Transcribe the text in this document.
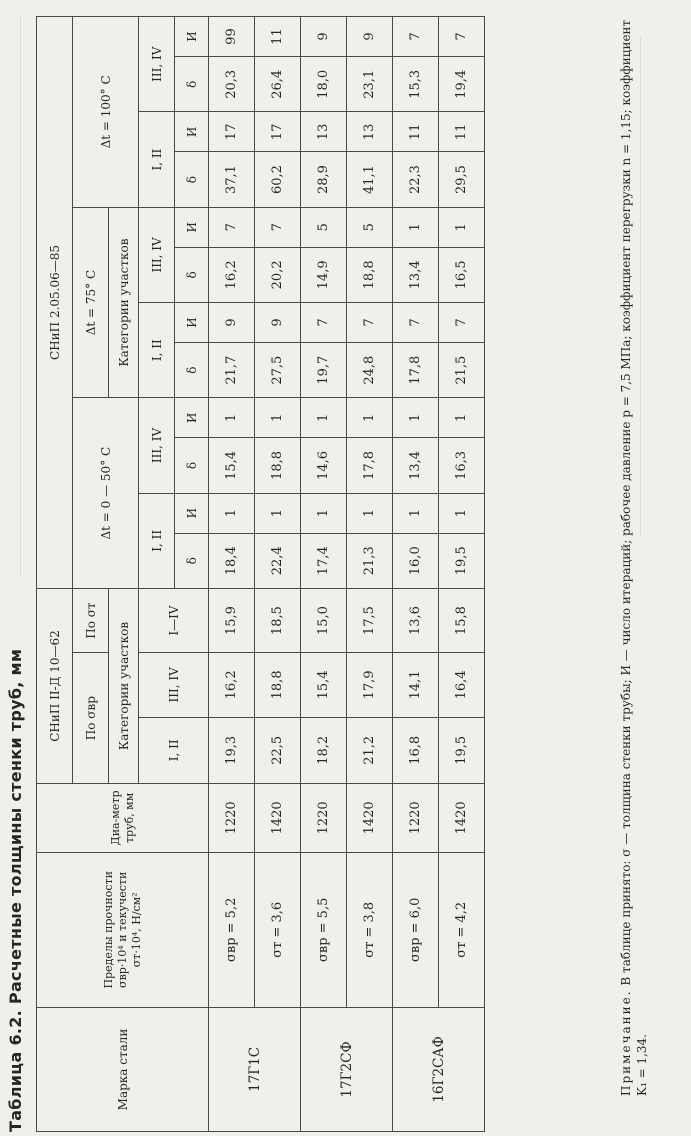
Таблица 6.2. Расчетные толщины стенки труб, мм	Марка стали	Пределы прочности σвр·10⁴ и текучести σт·10⁴, Н/см²	Диа-метр труб, мм	СНиП II-Д 10—62			СНиП 2.05.06—85											
			По σвр		По σт	Δt = 0 — 50° С				Δt = 75° С				Δt = 100° С			
			Категории участков							Категории участков							
			I, II	III, IV	I—IV	I, II		III, IV		I, II		III, IV		I, II		III, IV	
						δ	И	δ	И	δ	И	δ	И	δ	И	δ	И
17Г1С	σвр = 5,2	1220	19,3	16,2	15,9	18,4	1	15,4	1	21,7	9	16,2	7	37,1	17	20,3	99
	σт = 3,6	1420	22,5	18,8	18,5	22,4	1	18,8	1	27,5	9	20,2	7	60,2	17	26,4	11
17Г2СФ	σвр = 5,5	1220	18,2	15,4	15,0	17,4	1	14,6	1	19,7	7	14,9	5	28,9	13	18,0	9
	σт = 3,8	1420	21,2	17,9	17,5	21,3	1	17,8	1	24,8	7	18,8	5	41,1	13	23,1	9
16Г2САФ	σвр = 6,0	1220	16,8	14,1	13,6	16,0	1	13,4	1	17,8	7	13,4	1	22,3	11	15,3	7
	σт = 4,2	1420	19,5	16,4	15,8	19,5	1	16,3	1	21,5	7	16,5	1	29,5	11	19,4	7
Примечание. В таблице принято: σ — толщина стенки трубы; И — число итераций; рабочее давление p = 7,5 МПа; коэффициент перегрузки n = 1,15; коэффициент K₁ = 1,34.
